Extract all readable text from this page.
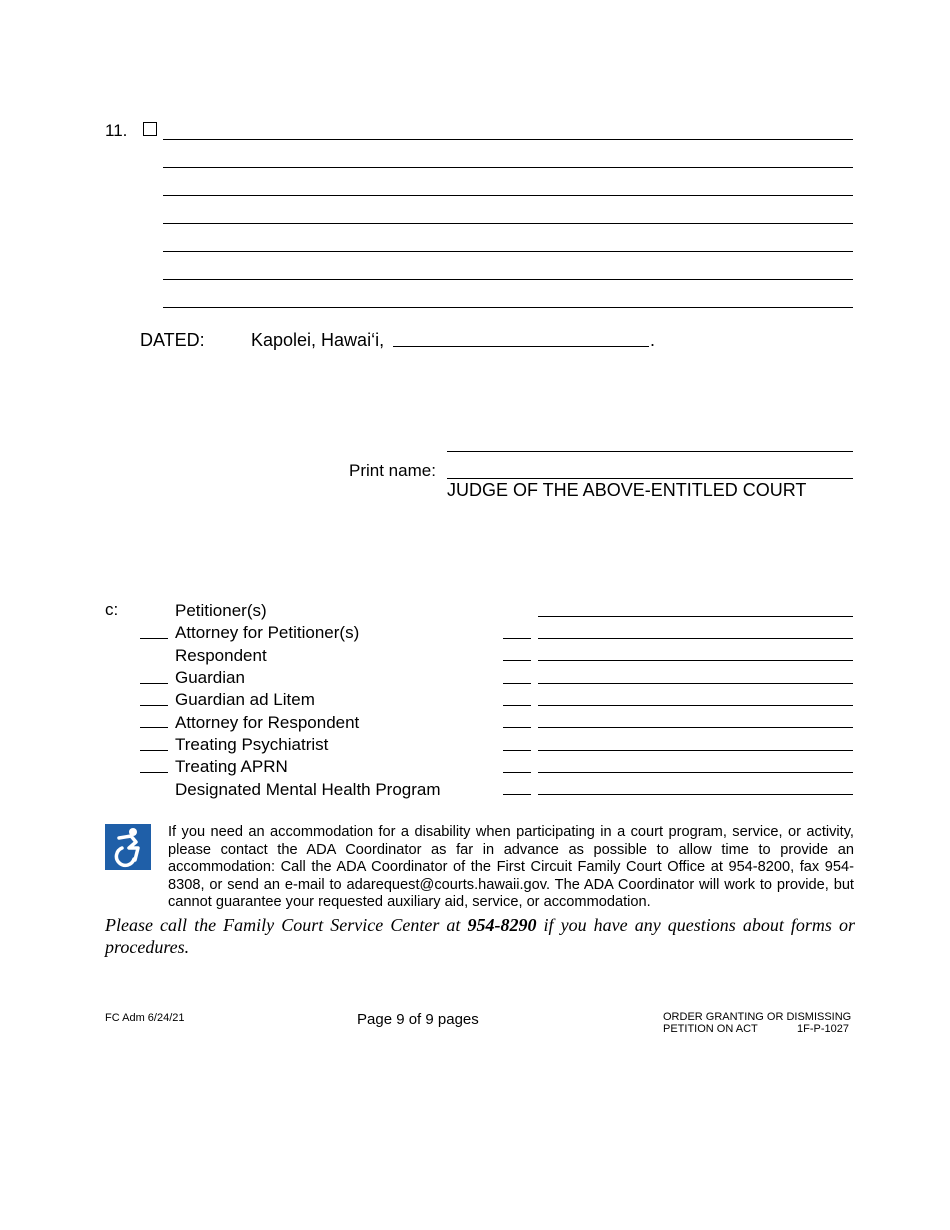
11.
DATED:	Kapolei, Hawai‘i,	.
Print name:
JUDGE OF THE ABOVE-ENTITLED COURT
c:	Petitioner(s)
Attorney for Petitioner(s)
Respondent
Guardian
Guardian ad Litem
Attorney for Respondent
Treating Psychiatrist
Treating APRN
Designated Mental Health Program
If you need an accommodation for a disability when participating in a court program, service, or activity, please contact the ADA Coordinator as far in advance as possible to allow time to provide an accommodation: Call the ADA Coordinator of the First Circuit Family Court Office at 954-8200, fax 954-8308, or send an e-mail to adarequest@courts.hawaii.gov. The ADA Coordinator will work to provide, but cannot guarantee your requested auxiliary aid, service, or accommodation.
Please call the Family Court Service Center at 954-8290 if you have any questions about forms or procedures.
FC Adm 6/24/21	Page 9 of 9 pages	ORDER GRANTING OR DISMISSING
PETITION ON ACT	1F-P-1027
